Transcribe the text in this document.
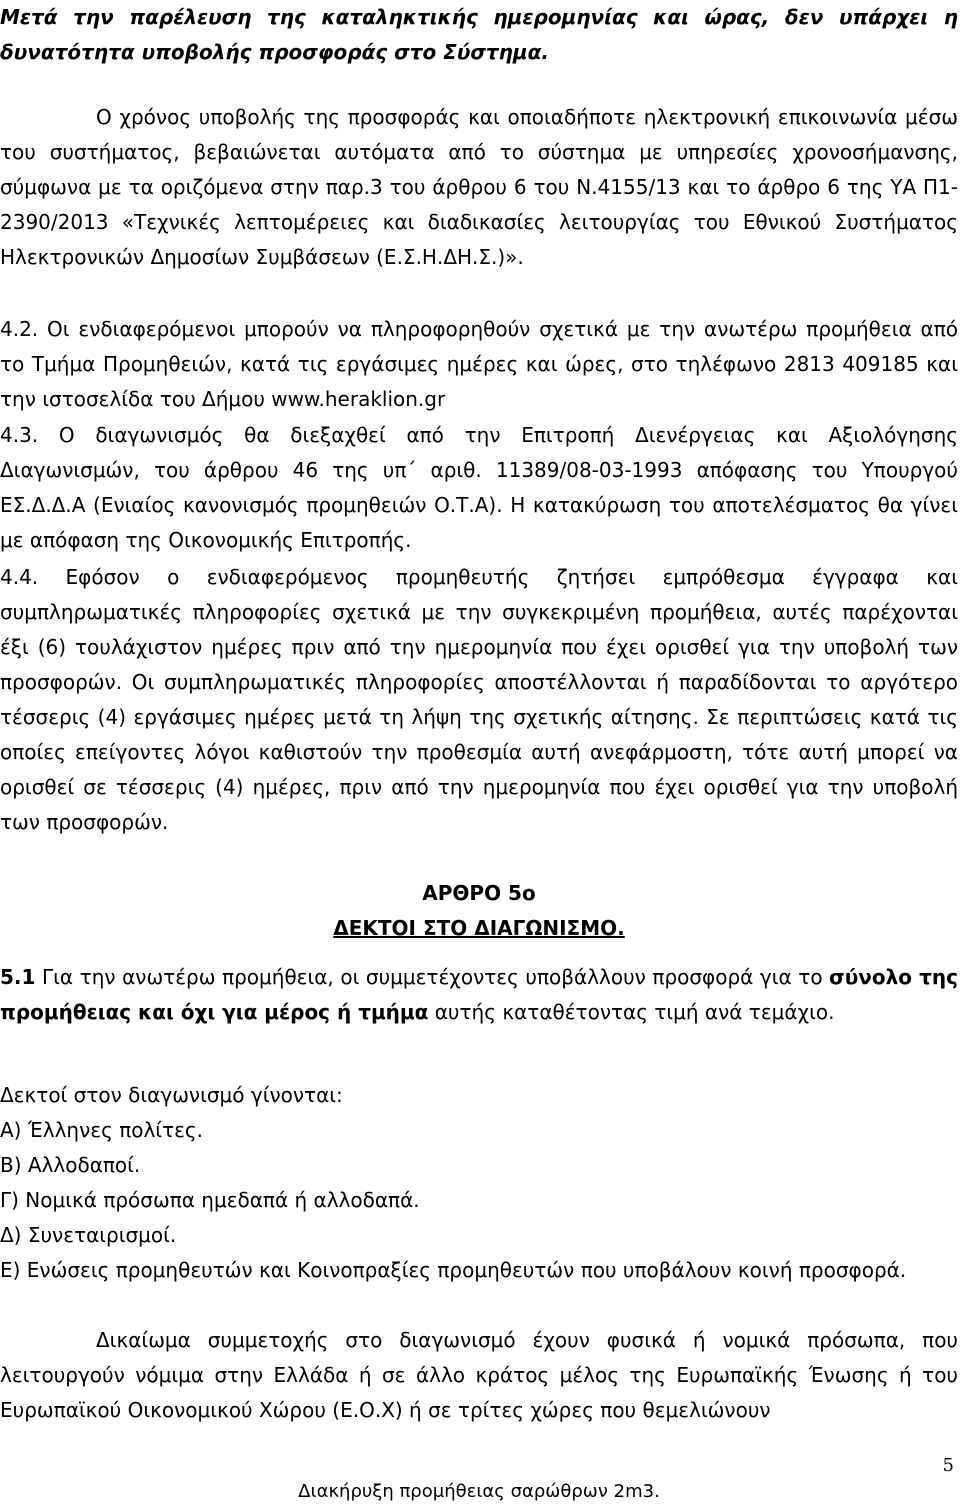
Μετά την παρέλευση της καταληκτικής ημερομηνίας και ώρας, δεν υπάρχει η δυνατότητα υποβολής προσφοράς στο Σύστημα.

Ο χρόνος υποβολής της προσφοράς και οποιαδήποτε ηλεκτρονική επικοινωνία μέσω του συστήματος, βεβαιώνεται αυτόματα από το σύστημα με υπηρεσίες χρονοσήμανσης, σύμφωνα με τα οριζόμενα στην παρ.3 του άρθρου 6 του Ν.4155/13 και το άρθρο 6 της ΥΑ Π1-2390/2013 «Τεχνικές λεπτομέρειες και διαδικασίες λειτουργίας του Εθνικού Συστήματος Ηλεκτρονικών Δημοσίων Συμβάσεων (Ε.Σ.Η.ΔΗ.Σ.)».

4.2. Οι ενδιαφερόμενοι μπορούν να πληροφορηθούν σχετικά με την ανωτέρω προμήθεια από το Τμήμα Προμηθειών, κατά τις εργάσιμες ημέρες και ώρες, στο τηλέφωνο 2813 409185 και την ιστοσελίδα του Δήμου www.heraklion.gr

4.3. Ο διαγωνισμός θα διεξαχθεί από την Επιτροπή Διενέργειας και Αξιολόγησης Διαγωνισμών, του άρθρου 46 της υπ΄ αριθ. 11389/08-03-1993 απόφασης του Υπουργού ΕΣ.Δ.Δ.Α (Ενιαίος κανονισμός προμηθειών Ο.Τ.Α). Η κατακύρωση του αποτελέσματος θα γίνει με απόφαση της Οικονομικής Επιτροπής.

4.4. Εφόσον ο ενδιαφερόμενος προμηθευτής ζητήσει εμπρόθεσμα έγγραφα και συμπληρωματικές πληροφορίες σχετικά με την συγκεκριμένη προμήθεια, αυτές παρέχονται έξι (6) τουλάχιστον ημέρες πριν από την ημερομηνία που έχει ορισθεί για την υποβολή των προσφορών. Οι συμπληρωματικές πληροφορίες αποστέλλονται ή παραδίδονται το αργότερο τέσσερις (4) εργάσιμες ημέρες μετά τη λήψη της σχετικής αίτησης. Σε περιπτώσεις κατά τις οποίες επείγοντες λόγοι καθιστούν την προθεσμία αυτή ανεφάρμοστη, τότε αυτή μπορεί να ορισθεί σε τέσσερις (4) ημέρες, πριν από την ημερομηνία που έχει ορισθεί για την υποβολή των προσφορών.

ΑΡΘΡΟ 5ο

ΔΕΚΤΟΙ ΣΤΟ ΔΙΑΓΩΝΙΣΜΟ.

5.1 Για την ανωτέρω προμήθεια, οι συμμετέχοντες υποβάλλουν προσφορά για το σύνολο της προμήθειας και όχι για μέρος ή τμήμα αυτής καταθέτοντας τιμή ανά τεμάχιο.

Δεκτοί στον διαγωνισμό γίνονται:

Α) Έλληνες πολίτες.

Β) Αλλοδαποί.

Γ) Νομικά πρόσωπα ημεδαπά ή αλλοδαπά.

Δ) Συνεταιρισμοί.

Ε) Ενώσεις προμηθευτών και Κοινοπραξίες προμηθευτών που υποβάλουν κοινή προσφορά.

Δικαίωμα συμμετοχής στο διαγωνισμό έχουν φυσικά ή νομικά πρόσωπα, που λειτουργούν νόμιμα στην Ελλάδα ή σε άλλο κράτος μέλος της Ευρωπαϊκής Ένωσης ή του Ευρωπαϊκού Οικονομικού Χώρου (Ε.Ο.Χ) ή σε τρίτες χώρες που θεμελιώνουν

5
Διακήρυξη προμήθειας σαρώθρων 2m3.
